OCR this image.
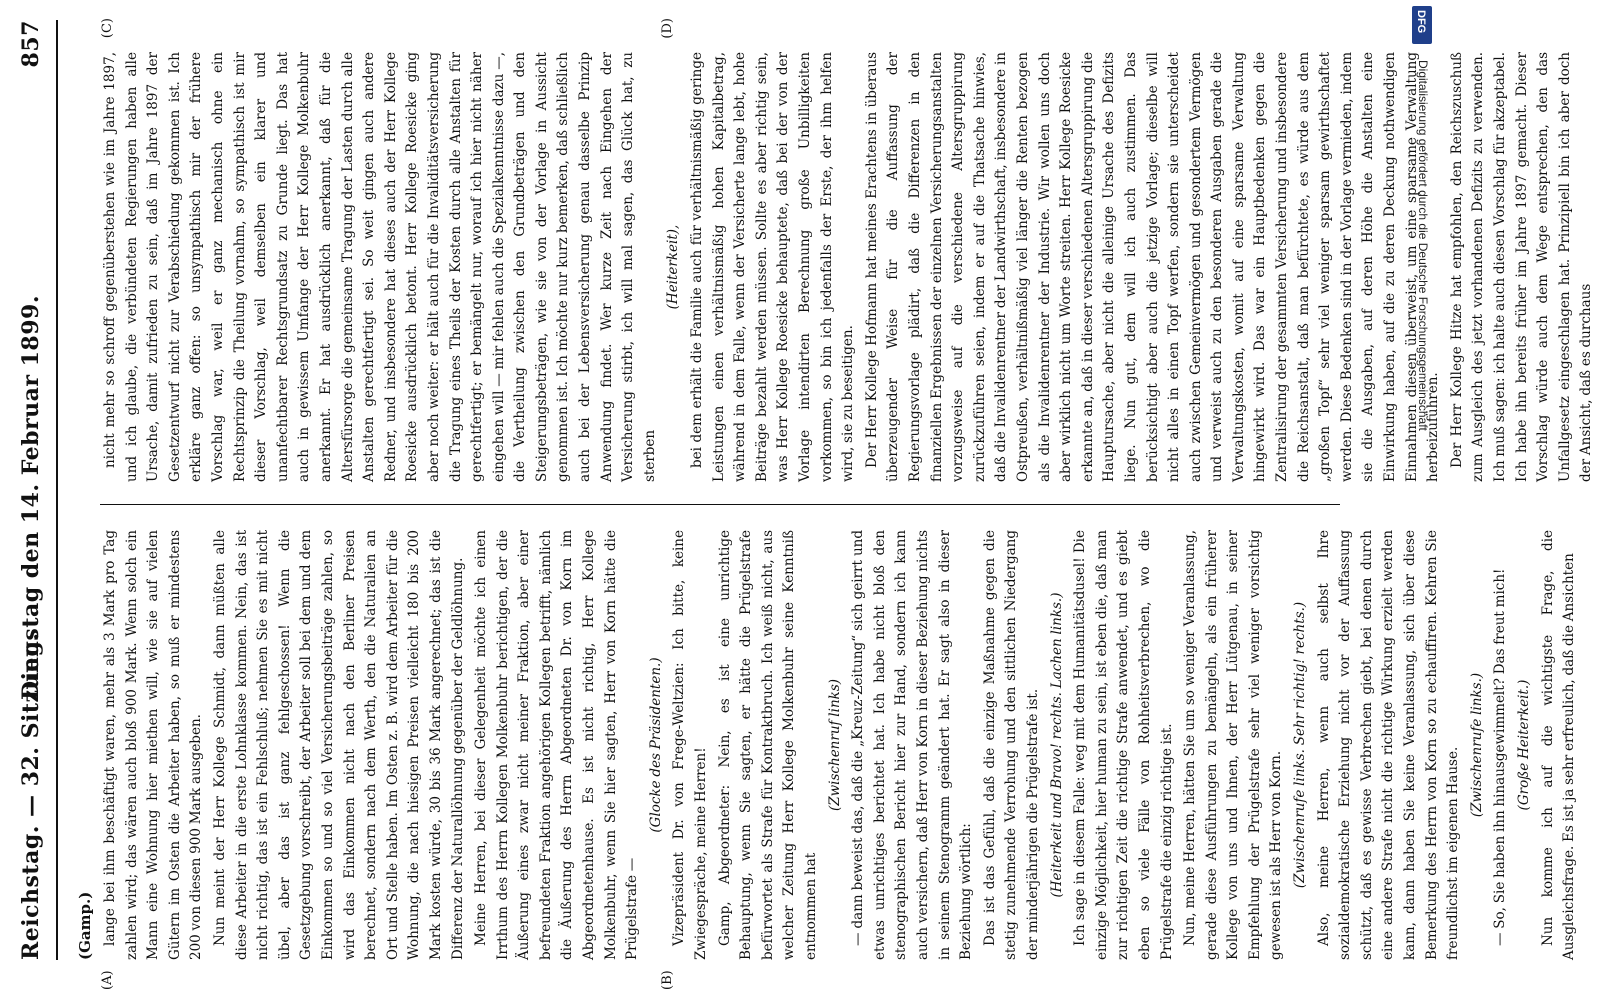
Reichstag. — 32. Sitzung.
Dienstag den 14. Februar 1899.
857
(Gamp.)
(A)	(B)

lange bei ihm beschäftigt waren, mehr als 3 Mark pro Tag zahlen wird; das wären auch bloß 900 Mark. Wenn solch ein Mann eine Wohnung hier miethen will, wie sie auf vielen Gütern im Osten die Arbeiter haben, so muß er mindestens 200 von diesen 900 Mark ausgeben. Nun meint der Herr Kollege Schmidt, dann müßten alle diese Arbeiter in die erste Lohnklasse kommen. Nein, das ist nicht richtig, das ist ein Fehlschluß; nehmen Sie es mit nicht übel, aber das ist ganz fehlgeschossen! Wenn die Gesetzgebung vorschreibt, der Arbeiter soll bei dem und dem Einkommen so und so viel Versicherungsbeiträge zahlen, so wird das Einkommen nicht nach den Berliner Preisen berechnet, sondern nach dem Werth, den die Naturalien an Ort und Stelle haben. Im Osten z. B. wird dem Arbeiter für die Wohnung, die nach hiesigen Preisen vielleicht 180 bis 200 Mark kosten würde, 30 bis 36 Mark angerechnet; das ist die Differenz der Naturallöhnung gegenüber der Geldlöhnung. Meine Herren, bei dieser Gelegenheit möchte ich einen Irrthum des Herrn Kollegen Molkenbuhr berichtigen, der die Äußerung eines zwar nicht meiner Fraktion, aber einer befreundeten Fraktion angehörigen Kollegen betrifft, nämlich die Äußerung des Herrn Abgeordneten Dr. von Korn im Abgeordnetenhause. Es ist nicht richtig, Herr Kollege Molkenbuhr, wenn Sie hier sagten, Herr von Korn hätte die Prügelstrafe —

(Glocke des Präsidenten.) Vizepräsident Dr. von Frege-Weltzien: Ich bitte, keine Zwiegespräche, meine Herren! Gamp, Abgeordneter: Nein, es ist eine unrichtige Behauptung, wenn Sie sagten, er hätte die Prügelstrafe befürwortet als Strafe für Kontraktbruch. Ich weiß nicht, aus welcher Zeitung Herr Kollege Molkenbuhr seine Kenntniß entnommen hat

(Zwischenruf links) — dann beweist das, daß die „Kreuz-Zeitung“ sich geirrt und etwas unrichtiges berichtet hat. Ich habe nicht bloß den stenographischen Bericht hier zur Hand, sondern ich kann auch versichern, daß Herr von Korn in dieser Beziehung nichts in seinem Stenogramm geändert hat. Er sagt also in dieser Beziehung wörtlich: Das ist das Gefühl, daß die einzige Maßnahme gegen die stetig zunehmende Verrohung und den sittlichen Niedergang der minderjährigen die Prügelstrafe ist. (Heiterkeit und Bravo! rechts. Lachen links.) Ich sage in diesem Falle: weg mit dem Humanitätsdusel! Die einzige Möglichkeit, hier human zu sein, ist eben die, daß man zur richtigen Zeit die richtige Strafe anwendet, und es giebt eben so viele Fälle von Rohheitsverbrechen, wo die Prügelstrafe die einzig richtige ist. Nun, meine Herren, hätten Sie um so weniger Veranlassung, gerade diese Ausführungen zu bemängeln, als ein früherer Kollege von uns und Ihnen, der Herr Lütgenau, in seiner Empfehlung der Prügelstrafe sehr viel weniger vorsichtig gewesen ist als Herr von Korn. (Zwischenrufe links. Sehr richtig! rechts.) Also, meine Herren, wenn auch selbst Ihre sozialdemokratische Erziehung nicht vor der Auffassung schützt, daß es gewisse Verbrechen giebt, bei denen durch eine andere Strafe nicht die richtige Wirkung erzielt werden kann, dann haben Sie keine Veranlassung, sich über diese Bemerkung des Herrn von Korn so zu echauffiren. Kehren Sie freundlichst im eigenen Hause.

(Zwischenrufe links.) — So, Sie haben ihn hinausgewimmelt? Das freut mich! (Große Heiterkeit.) Nun komme ich auf die wichtigste Frage, die Ausgleichsfrage. Es ist ja sehr erfreulich, daß die Ansichten

(C)	(D)

nicht mehr so schroff gegenüberstehen wie im Jahre 1897, und ich glaube, die verbündeten Regierungen haben alle Ursache, damit zufrieden zu sein, daß im Jahre 1897 der Gesetzentwurf nicht zur Verabschiedung gekommen ist. Ich erkläre ganz offen: so unsympathisch mir der frühere Vorschlag war, weil er ganz mechanisch ohne ein Rechtsprinzip die Theilung vornahm, so sympathisch ist mir dieser Vorschlag, weil demselben ein klarer und unanfechtbarer Rechtsgrundsatz zu Grunde liegt. Das hat auch in gewissem Umfange der Herr Kollege Molkenbuhr anerkannt. Er hat ausdrücklich anerkannt, daß für die Altersfürsorge die gemeinsame Tragung der Lasten durch alle Anstalten gerechtfertigt sei. So weit gingen auch andere Redner, und insbesondere hat dieses auch der Herr Kollege Roesicke ausdrücklich betont. Herr Kollege Roesicke ging aber noch weiter: er hält auch für die Invaliditätsversicherung die Tragung eines Theils der Kosten durch alle Anstalten für gerechtfertigt; er bemängelt nur, worauf ich hier nicht näher eingehen will — mir fehlen auch die Spezialkenntnisse dazu —, die Vertheilung zwischen den Grundbeträgen und den Steigerungsbeträgen, wie sie von der Vorlage in Aussicht genommen ist. Ich möchte nur kurz bemerken, daß schließlich auch bei der Lebensversicherung genau dasselbe Prinzip Anwendung findet. Wer kurze Zeit nach Eingehen der Versicherung stirbt, ich will mal sagen, das Glück hat, zu sterben

(Heiterkeit), bei dem erhält die Familie auch für verhältnismäßig geringe Leistungen einen verhältnismäßig hohen Kapitalbetrag, während in dem Falle, wenn der Versicherte lange lebt, hohe Beiträge bezahlt werden müssen. Sollte es aber richtig sein, was Herr Kollege Roesicke behauptete, daß bei der von der Vorlage intendirten Berechnung große Unbilligkeiten vorkommen, so bin ich jedenfalls der Erste, der ihm helfen wird, sie zu beseitigen. Der Herr Kollege Hofmann hat meines Erachtens in überaus überzeugender Weise für die Auffassung der Regierungsvorlage plädirt, daß die Differenzen in den finanziellen Ergebnissen der einzelnen Versicherungsanstalten vorzugsweise auf die verschiedene Altersgruppirung zurückzuführen seien, indem er auf die Thatsache hinwies, daß die Invalidenrentner der Landwirthschaft, insbesondere in Ostpreußen, verhältnißmäßig viel länger die Renten bezogen als die Invalidenrentner der Industrie. Wir wollen uns doch aber wirklich nicht um Worte streiten. Herr Kollege Roesicke erkannte an, daß in dieser verschiedenen Altersgruppirung die Hauptursache, aber nicht die alleinige Ursache des Defizits liege. Nun gut, dem will ich auch zustimmen. Das berücksichtigt aber auch die jetzige Vorlage; dieselbe will nicht alles in einen Topf werfen, sondern sie unterscheidet auch zwischen Gemeinvermögen und gesondertem Vermögen und verweist auch zu den besonderen Ausgaben gerade die Verwaltungskosten, womit auf eine sparsame Verwaltung hingewirkt wird. Das war ein Hauptbedenken gegen die Zentralisirung der gesammten Versicherung und insbesondere die Reichsanstalt, daß man befürchtete, es würde aus dem „großen Topf“ sehr viel weniger sparsam gewirthschaftet werden. Diese Bedenken sind in der Vorlage vermieden, indem sie die Ausgaben, auf deren Höhe die Anstalten eine Einwirkung haben, auf die zu deren Deckung nothwendigen Einnahmen diesen überweist, um eine sparsame Verwaltung herbeizuführen. Der Herr Kollege Hitze hat empfohlen, den Reichszuschuß zum Ausgleich des jetzt vorhandenen Defizits zu verwenden. Ich muß sagen: ich halte auch diesen Vorschlag für akzeptabel. Ich habe ihn bereits früher im Jahre 1897 gemacht. Dieser Vorschlag würde auch dem Wege entsprechen, den das Unfallgesetz eingeschlagen hat. Prinzipiell bin ich aber doch der Ansicht, daß es durchaus

Digitalisierung gefördert durch die Deutsche Forschungsgemeinschaft
DFG
